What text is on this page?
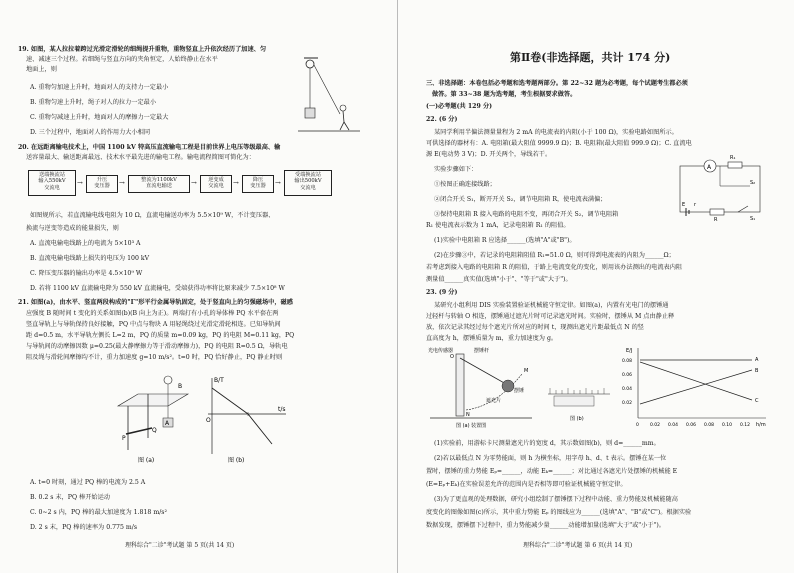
19. 如图，某人拉拉着跨过光滑定滑轮的细绳提升重物，重物竖直上升依次经历了加速、匀
速、减速三个过程。若细绳与竖直方向的夹角恒定，人始终静止在水平
地面上，则
A. 重物匀加速上升时，地面对人的支持力一定最小
B. 重物匀速上升时，绳子对人的拉力一定最小
C. 重物匀减速上升时，地面对人的摩擦力一定最大
D. 三个过程中，地面对人的作用力大小相同
20. 在远距离输电技术上，中国 1100 kV 特高压直流输电工程是目前世界上电压等级最高、输
送容量最大、输送距离最远、技术水平最先进的输电工程。输电流程简图可简化为：
送端换流站
输入550kV
交流电
→	升压
变压器	→	整流为1100kV
直流电输送	→	逆变成
交流电	→	降压
变压器	→
受端换流站
输出500kV
交流电
如图规所示，若直流输电线电阻为 10 Ω，直流电输送功率为 5.5×10⁹ W，不计变压器、
换流与逆变等造成的能量损失，则
A. 直流电输电线路上的电流为 5×10³ A
B. 直流电输电线路上损失的电压为 100 kV
C. 降压变压器的输出功率是 4.5×10⁹ W
D. 若将 1100 kV 直流输电降为 550 kV 直流输电，受端获得功率将比原来减少 7.5×10⁸ W
21. 如图(a)，由水平、竖直两段构成的"Γ"形平行金属导轨固定，处于竖直向上的匀强磁场中，磁感
应强度 B 随时间 t 变化的关系如图(b)(B 向上为正)。两端打有小孔的导体棒 PQ 水平套在两
竖直导轨上与导轨保持良好接触，PQ 中点与物块 A 用轻绳绕过光滑定滑轮相连。已知导轨间
距 d=0.5 m，水平导轨左侧长 L=2 m，PQ 的质量 m=0.09 kg，PQ 的电阻 M=0.11 kg，PQ
与导轨间的动摩擦因数 μ=0.25(最大静摩擦力等于滑动摩擦力)，PQ 的电阻 R=0.5 Ω，导轨电
阻及绳与滑轮间摩擦均不计，重力加速度 g=10 m/s²。t=0 时，PQ 恰好静止，PQ 静止时则
A
P
Q
B
图 (a)
B/T
t/s
O
图 (b)
A. t=0 时刻，通过 PQ 棒的电流为 2.5 A
B. 0.2 s 末，PQ 棒开始运动
C. 0~2 s 内，PQ 棒的最大加速度为 1.818 m/s²
D. 2 s 末，PQ 棒的速率为 0.775 m/s
理科综合"二诊"考试题 第 5 页(共 14 页)
第Ⅱ卷(非选择题，共计 174 分)
三、非选择题：本卷包括必考题和选考题两部分。第 22~32 题为必考题，每个试题考生都必须
做答。第 33~38 题为选考题，考生根据要求做答。
(一)必考题(共 129 分)
22. (6 分)
某同学利用半偏法测量量程为 2 mA 的电流表的内阻(小于 100 Ω)，实验电路如图所示。
可供选择的器材有：A. 电阻箱(最大阻值 9999.9 Ω)；B. 电阻箱(最大阻值 999.9 Ω)；C. 直流电
源 E(电动势 3 V)；D. 开关两个，导线若干。
实验步骤如下：
①按图正确连接线路；
②闭合开关 S₁，断开开关 S₂，调节电阻箱 R，使电流表满偏；
③保持电阻箱 R 接入电路的电阻不变，再闭合开关 S₂，调节电阻箱
R₁ 使电流表示数为 1 mA，记录电阻箱 R₁ 的阻值。
(1)实验中电阻箱 R 应选择______(选填"A"或"B")。
(2)在步骤③中，若记录的电阻箱阻值 R₁=51.0 Ω，则可得到电流表的内阻为______Ω；
若考虑到接入电路的电阻箱 R 的阻值，于路上电流变化的变化，则用该办法测出的电流表内阻
测量值______真实值(选填"小于"、"等于"或"大于")。
A
R₁
S₂
E r
R	S₁
23. (9 分)
某研究小组利用 DIS 实验装置验证机械能守恒定律。如图(a)，内置有光电门的摆锤通
过轻杆与转轴 O 相连，摆锤通过遮光片时可记录遮光时间。实验时，摆锤从 M 点由静止释
放，依次记录其经过每个遮光片所对应的时间 t，现测出遮光片距最低点 N 的竖
直高度为 h，摆锤质量为 m，重力加速度为 g。
光电传感器	摆锤杆
摆锤
遮光片
O
M
N
图 (a) 装置图
图 (b)
E/J
h/m
0.08
0.06
0.04
0.02
0 0.02 0.04 0.06 0.08 0.10 0.12
A
B
C
(1)实验前，用游标卡尺测量遮光片的宽度 d，其示数如图(b)，则 d=______mm。
(2)若以最低点 N 为零势能面，则 h 为横坐标，用字母 h、d、t 表示。摆锤在某一位
置时，摆锤的重力势能 Eₚ=______，动能 Eₖ=______；对比通过各遮光片处摆锤的机械能 E
(E=Eₚ+Eₖ)在实验误差允许的范围内是否相等即可验证机械能守恒定律。
(3)为了更直观的处理数据，研究小组绘制了摆锤摆下过程中动能、重力势能及机械能随高
度变化的图像如图(c)所示，其中重力势能 Eₚ 的图线应为______(选填"A"、"B"或"C")。根据实验
数据发现，摆锤摆下过程中，重力势能减少量______动能增加量(选填"大于"或"小于")。
理科综合"二诊"考试题 第 6 页(共 14 页)
